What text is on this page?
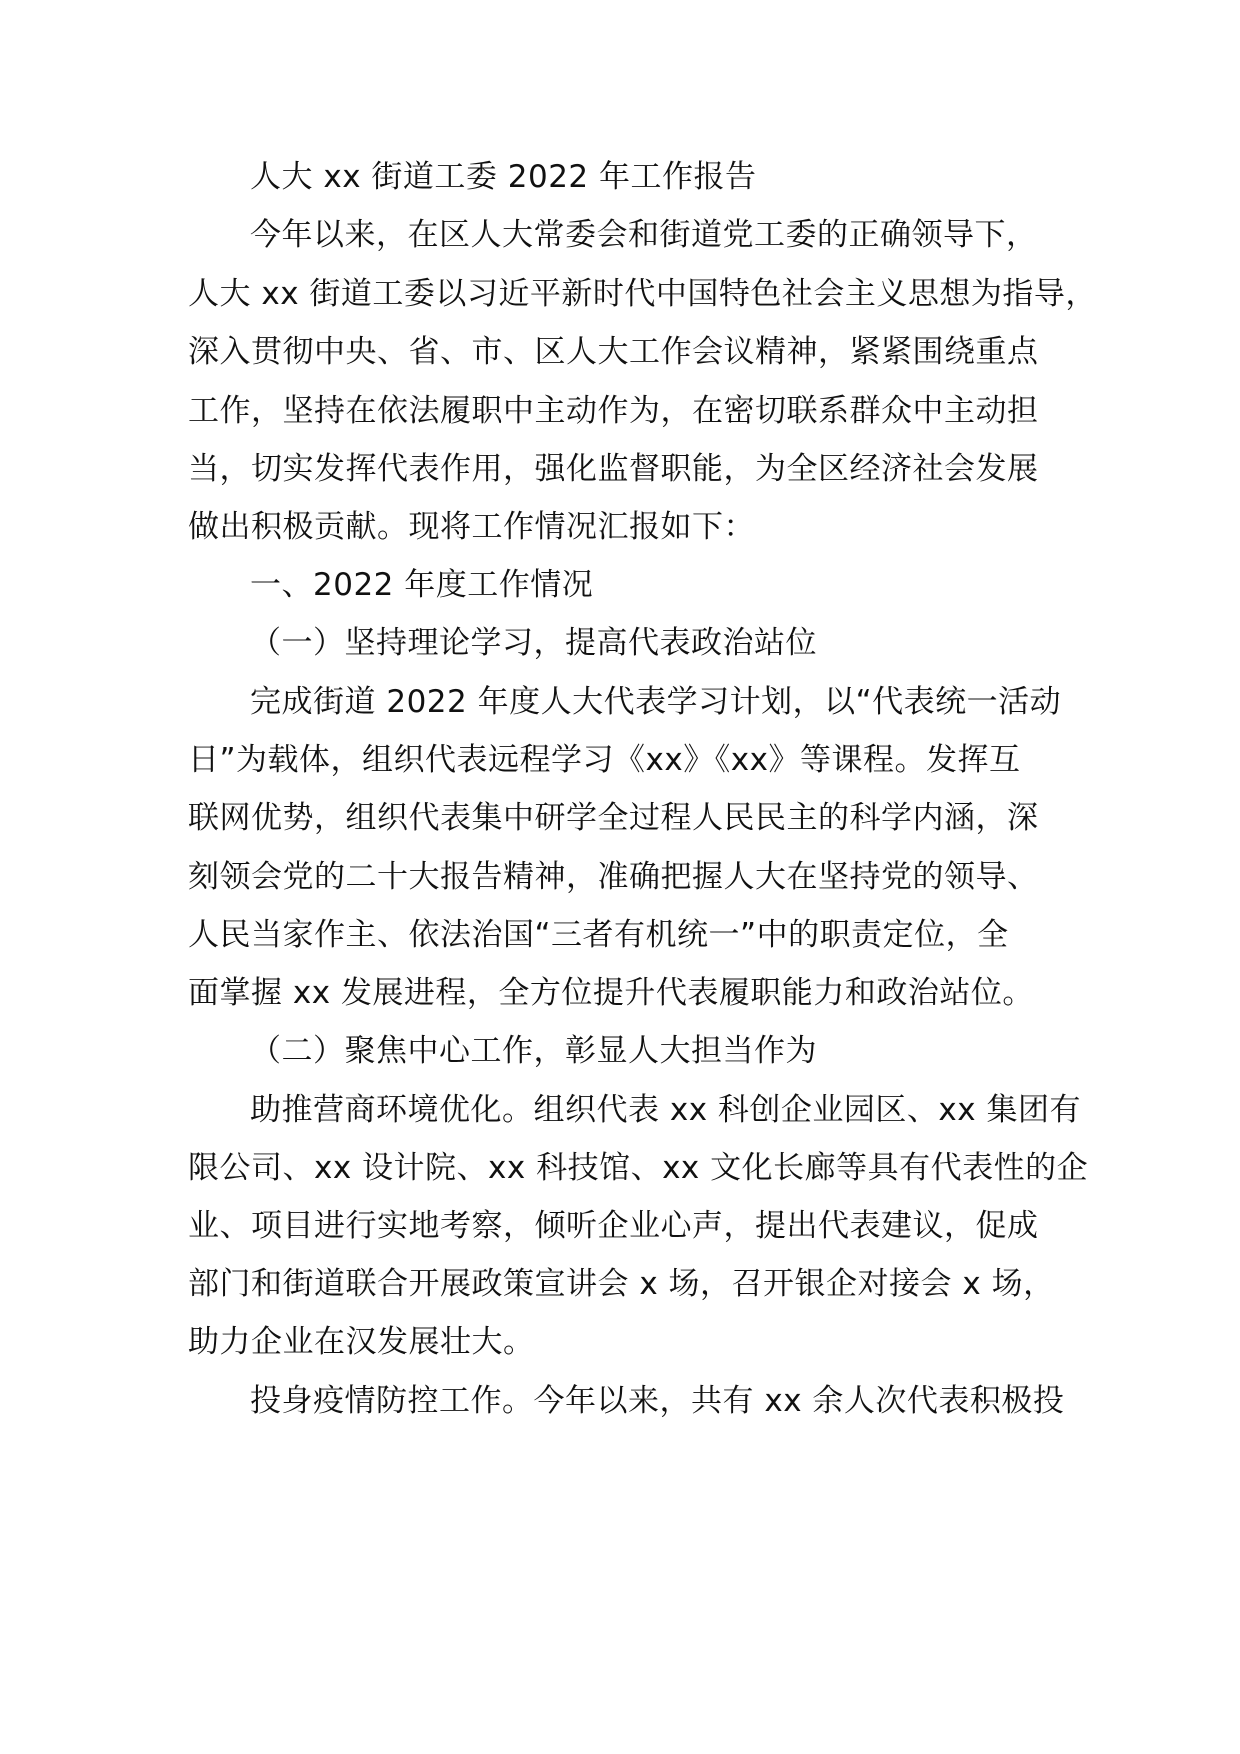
人大 xx 街道工委 2022 年工作报告
今年以来，在区人大常委会和街道党工委的正确领导下，
人大 xx 街道工委以习近平新时代中国特色社会主义思想为指导，
深入贯彻中央、省、市、区人大工作会议精神，紧紧围绕重点
工作，坚持在依法履职中主动作为，在密切联系群众中主动担
当，切实发挥代表作用，强化监督职能，为全区经济社会发展
做出积极贡献。现将工作情况汇报如下：
一、2022 年度工作情况
（一）坚持理论学习，提高代表政治站位
完成街道 2022 年度人大代表学习计划，以“代表统一活动
日”为载体，组织代表远程学习《xx》《xx》等课程。发挥互
联网优势，组织代表集中研学全过程人民民主的科学内涵，深
刻领会党的二十大报告精神，准确把握人大在坚持党的领导、
人民当家作主、依法治国“三者有机统一”中的职责定位，全
面掌握 xx 发展进程，全方位提升代表履职能力和政治站位。
（二）聚焦中心工作，彰显人大担当作为
助推营商环境优化。组织代表 xx 科创企业园区、xx 集团有
限公司、xx 设计院、xx 科技馆、xx 文化长廊等具有代表性的企
业、项目进行实地考察，倾听企业心声，提出代表建议，促成
部门和街道联合开展政策宣讲会 x 场，召开银企对接会 x 场，
助力企业在汉发展壮大。
投身疫情防控工作。今年以来，共有 xx 余人次代表积极投
